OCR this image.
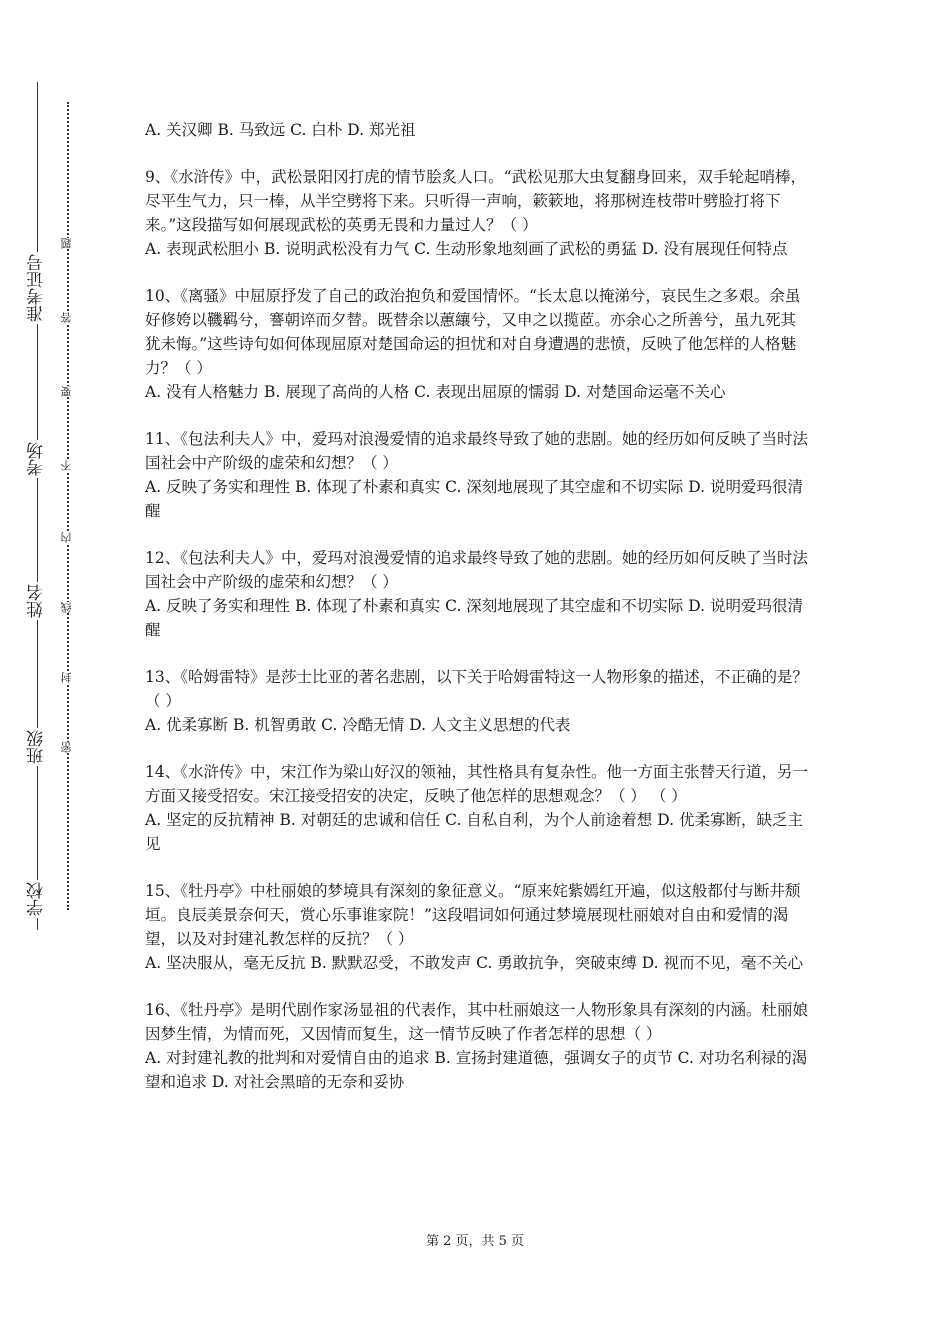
学校
班级
姓名
考场
准考证号
密
封
线
内
不
要
答
题

A. 关汉卿 B. 马致远 C. 白朴 D. 郑光祖

9、《水浒传》中，武松景阳冈打虎的情节脍炙人口。“武松见那大虫复翻身回来，双手轮起哨棒，尽平生气力，只一棒，从半空劈将下来。只听得一声响，簌簌地，将那树连枝带叶劈脸打将下来。”这段描写如何展现武松的英勇无畏和力量过人？（ ）

A. 表现武松胆小 B. 说明武松没有力气 C. 生动形象地刻画了武松的勇猛 D. 没有展现任何特点

10、《离骚》中屈原抒发了自己的政治抱负和爱国情怀。“长太息以掩涕兮，哀民生之多艰。余虽好修姱以鞿羁兮，謇朝谇而夕替。既替余以蕙纕兮，又申之以揽茝。亦余心之所善兮，虽九死其犹未悔。”这些诗句如何体现屈原对楚国命运的担忧和对自身遭遇的悲愤，反映了他怎样的人格魅力？（ ）

A. 没有人格魅力 B. 展现了高尚的人格 C. 表现出屈原的懦弱 D. 对楚国命运毫不关心

11、《包法利夫人》中，爱玛对浪漫爱情的追求最终导致了她的悲剧。她的经历如何反映了当时法国社会中产阶级的虚荣和幻想？（ ）

A. 反映了务实和理性 B. 体现了朴素和真实 C. 深刻地展现了其空虚和不切实际 D. 说明爱玛很清醒

12、《包法利夫人》中，爱玛对浪漫爱情的追求最终导致了她的悲剧。她的经历如何反映了当时法国社会中产阶级的虚荣和幻想？（ ）

A. 反映了务实和理性 B. 体现了朴素和真实 C. 深刻地展现了其空虚和不切实际 D. 说明爱玛很清醒

13、《哈姆雷特》是莎士比亚的著名悲剧，以下关于哈姆雷特这一人物形象的描述，不正确的是？（ ）

A. 优柔寡断 B. 机智勇敢 C. 冷酷无情 D. 人文主义思想的代表

14、《水浒传》中，宋江作为梁山好汉的领袖，其性格具有复杂性。他一方面主张替天行道，另一方面又接受招安。宋江接受招安的决定，反映了他怎样的思想观念？（ ） （ ）

A. 坚定的反抗精神 B. 对朝廷的忠诚和信任 C. 自私自利，为个人前途着想 D. 优柔寡断，缺乏主见

15、《牡丹亭》中杜丽娘的梦境具有深刻的象征意义。“原来姹紫嫣红开遍，似这般都付与断井颓垣。良辰美景奈何天，赏心乐事谁家院！”这段唱词如何通过梦境展现杜丽娘对自由和爱情的渴望，以及对封建礼教怎样的反抗？（ ）

A. 坚决服从，毫无反抗 B. 默默忍受，不敢发声 C. 勇敢抗争，突破束缚 D. 视而不见，毫不关心

16、《牡丹亭》是明代剧作家汤显祖的代表作，其中杜丽娘这一人物形象具有深刻的内涵。杜丽娘因梦生情，为情而死，又因情而复生，这一情节反映了作者怎样的思想（ ）

A. 对封建礼教的批判和对爱情自由的追求 B. 宣扬封建道德，强调女子的贞节 C. 对功名利禄的渴望和追求 D. 对社会黑暗的无奈和妥协

第 2 页，共 5 页
